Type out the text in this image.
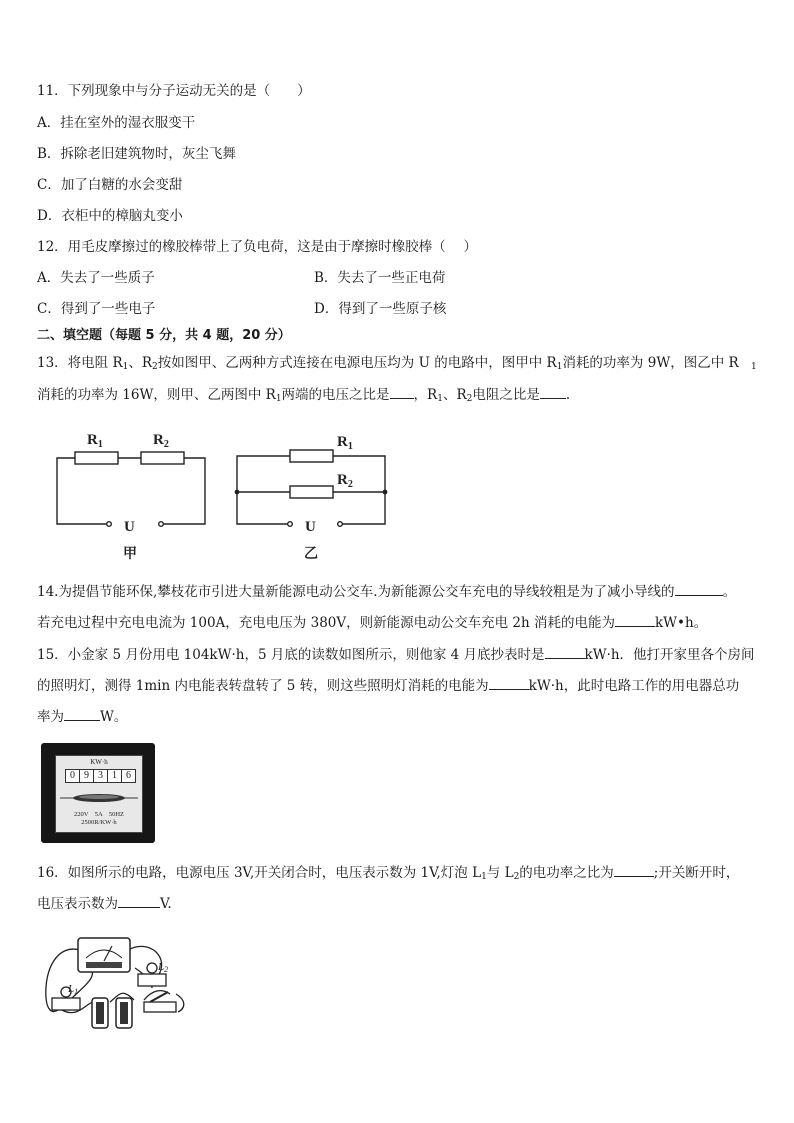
11．下列现象中与分子运动无关的是（　　）
A．挂在室外的湿衣服变干
B．拆除老旧建筑物时，灰尘飞舞
C．加了白糖的水会变甜
D．衣柜中的樟脑丸变小
12．用毛皮摩擦过的橡胶棒带上了负电荷，这是由于摩擦时橡胶棒（　 ）
A．失去了一些质子	B．失去了一些正电荷
C．得到了一些电子	D．得到了一些原子核
二、填空题（每题 5 分，共 4 题，20 分）
13．将电阻 $R_1$、$R_2$按如图甲、乙两种方式连接在电源电压均为 U 的电路中，图甲中 $R_1$消耗的功率为 9W，图乙中 R
消耗的功率为 16W，则甲、乙两图中 $R_1$两端的电压之比是 ，$R_1$、$R_2$电阻之比是 .
$_1$
$R_1$	$R_2$
U
甲
$R_1$
$R_2$
U
乙
14.为提倡节能环保,攀枝花市引进大量新能源电动公交车.为新能源公交车充电的导线较粗是为了减小导线的	。
若充电过程中充电电流为 100A，充电电压为 380V，则新能源电动公交车充电 2h 消耗的电能为	kW•h。
15．小金家 5 月份用电 104kW·h，5 月底的读数如图所示，则他家 4 月底抄表时是	kW·h．他打开家里各个房间
的照明灯，测得 1min 内电能表转盘转了 5 转，则这些照明灯消耗的电能为	kW·h，此时电路工作的用电器总功
率为	W。
KW·h
0 9 3 1 6
220V　5A　50HZ
2500R/KW·h
16．如图所示的电路，电源电压 3V,开关闭合时，电压表示数为 1V,灯泡 $L_1$与 $L_2$的电功率之比为	;开关断开时，
电压表示数为	V.
L1
L2
